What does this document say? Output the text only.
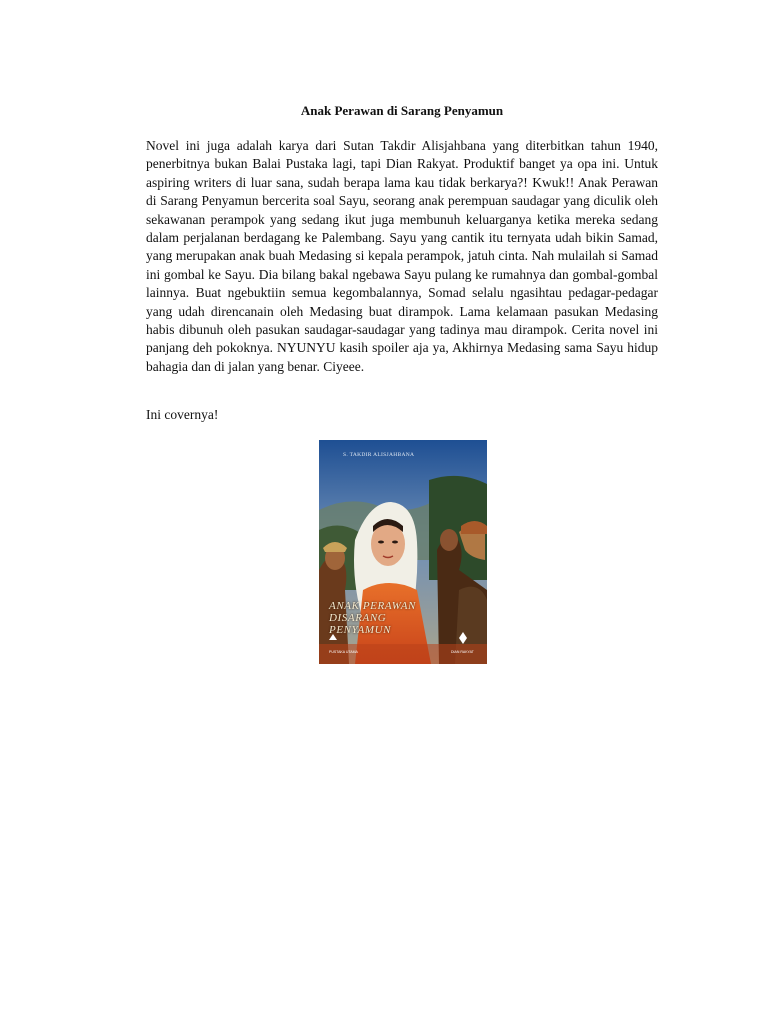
Anak Perawan di Sarang Penyamun

Novel ini juga adalah karya dari Sutan Takdir Alisjahbana yang diterbitkan tahun 1940, penerbitnya bukan Balai Pustaka lagi, tapi Dian Rakyat. Produktif banget ya opa ini. Untuk aspiring writers di luar sana, sudah berapa lama kau tidak berkarya?! Kwuk!! Anak Perawan di Sarang Penyamun bercerita soal Sayu, seorang anak perempuan saudagar yang diculik oleh sekawanan perampok yang sedang ikut juga membunuh keluarganya ketika mereka sedang dalam perjalanan berdagang ke Palembang. Sayu yang cantik itu ternyata udah bikin Samad, yang merupakan anak buah Medasing si kepala perampok, jatuh cinta. Nah mulailah si Samad ini gombal ke Sayu. Dia bilang bakal ngebawa Sayu pulang ke rumahnya dan gombal-gombal lainnya. Buat ngebuktiin semua kegombalannya, Somad selalu ngasihtau pedagar-pedagar yang udah direncanain oleh Medasing buat dirampok. Lama kelamaan pasukan Medasing habis dibunuh oleh pasukan saudagar-saudagar yang tadinya mau dirampok. Cerita novel ini panjang deh pokoknya. NYUNYU kasih spoiler aja ya, Akhirnya Medasing sama Sayu hidup bahagia dan di jalan yang benar. Ciyeee.

Ini covernya!

S. TAKDIR ALISJAHBANA
ANAK PERAWAN
DISARANG
PENYAMUN
PUSTAKA UTAMA	DIAN RAKYAT
